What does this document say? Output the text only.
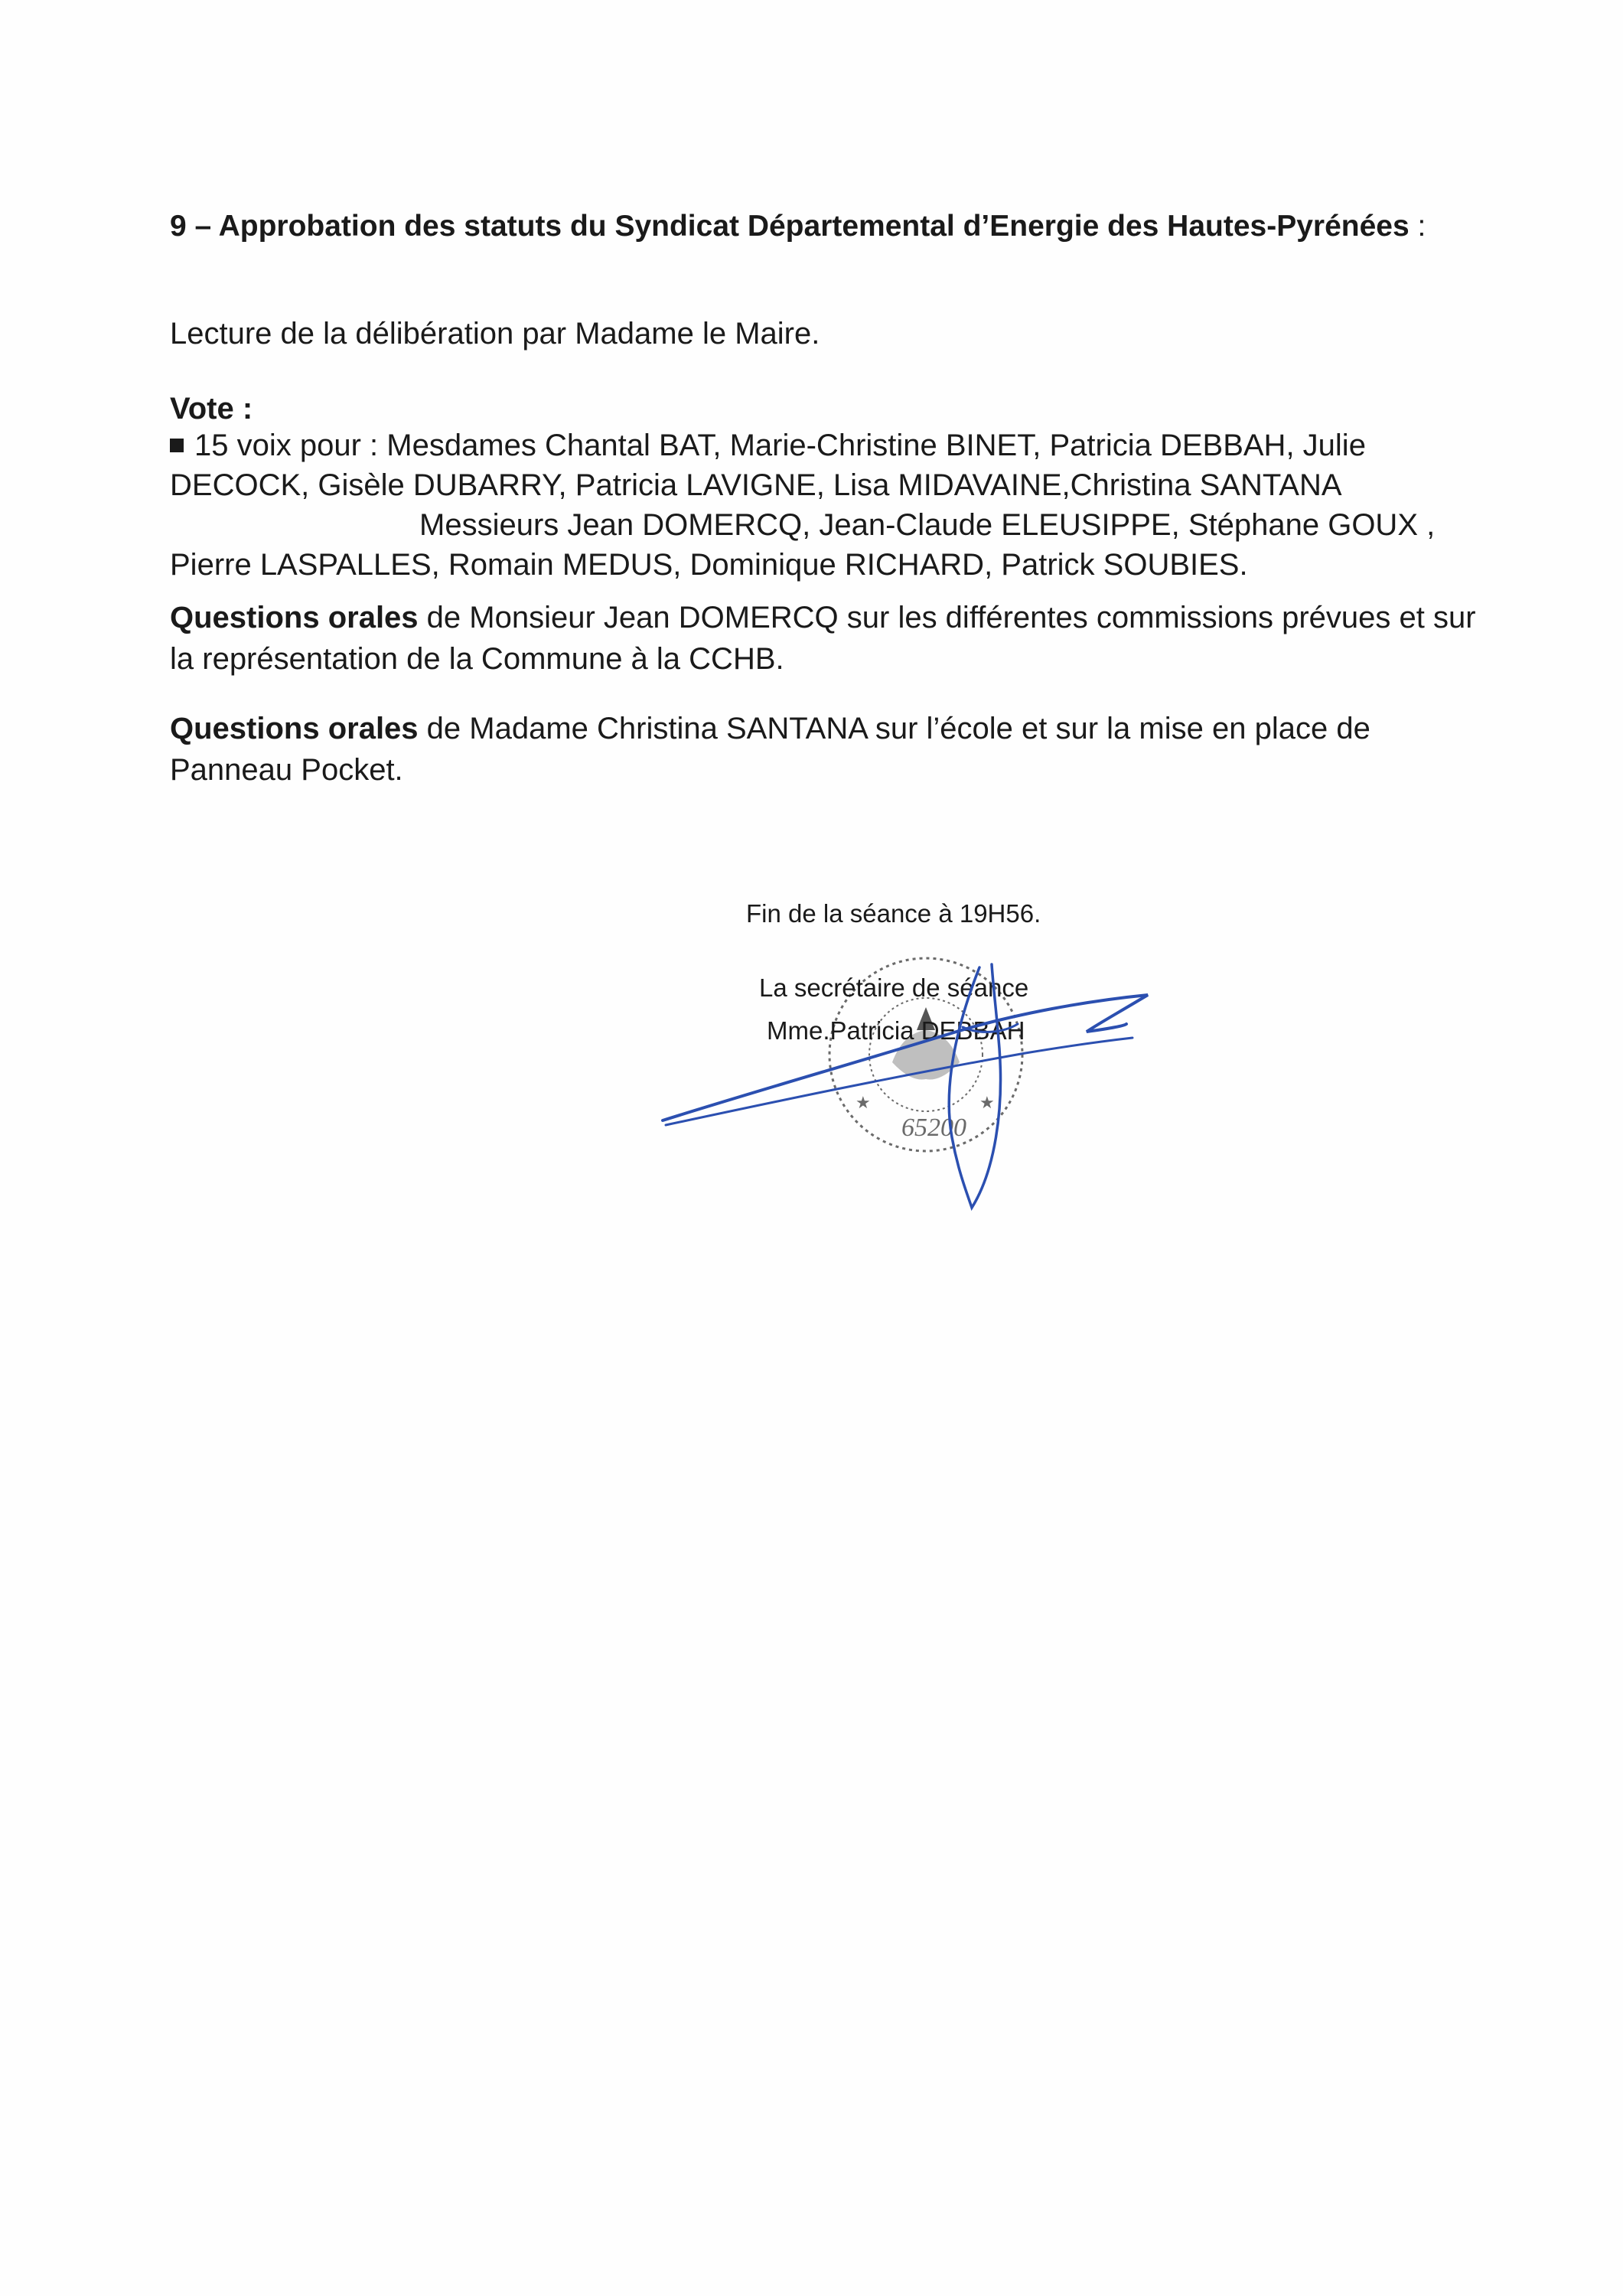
9 – Approbation des statuts du Syndicat Départemental d’Energie des Hautes-Pyrénées :
Lecture de la délibération par Madame le Maire.
Vote :
15 voix pour : Mesdames Chantal BAT, Marie-Christine BINET, Patricia DEBBAH, Julie
DECOCK, Gisèle DUBARRY, Patricia LAVIGNE, Lisa MIDAVAINE,Christina SANTANA
Messieurs Jean DOMERCQ, Jean-Claude ELEUSIPPE, Stéphane GOUX ,
Pierre LASPALLES, Romain MEDUS, Dominique RICHARD, Patrick SOUBIES.
Questions orales de Monsieur Jean DOMERCQ sur les différentes commissions prévues et sur la représentation de la Commune à la CCHB.
Questions orales de Madame Christina SANTANA sur l’école et sur la mise en place de Panneau Pocket.
Fin de la séance à 19H56.
★	★
65200
La secrétaire de séance
Mme.Patricia DEBBAH
